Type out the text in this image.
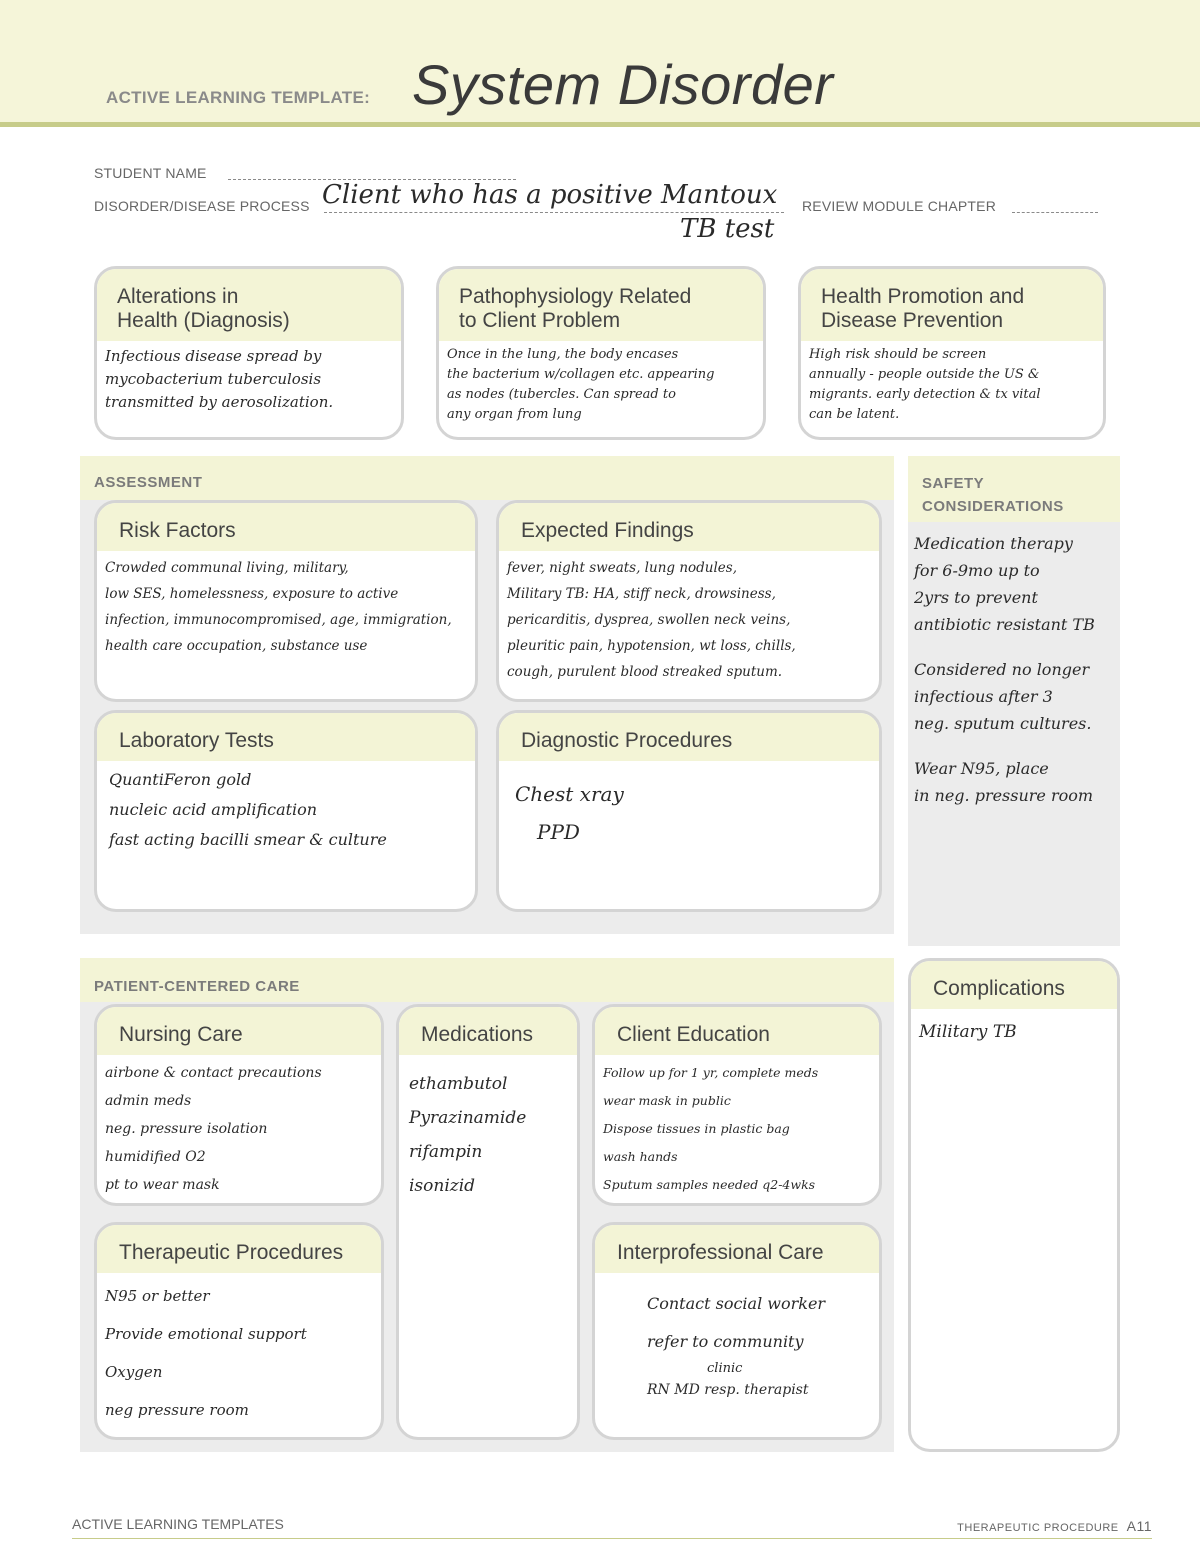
ACTIVE LEARNING TEMPLATE: System Disorder
STUDENT NAME
DISORDER/DISEASE PROCESS Client who has a positive Mantoux
TB test
REVIEW MODULE CHAPTER
Alterations in
Health (Diagnosis)
Infectious disease spread by
mycobacterium tuberculosis
transmitted by aerosolization.
Pathophysiology Related
to Client Problem
Once in the lung, the body encases
the bacterium w/collagen etc. appearing
as nodes (tubercles. Can spread to
any organ from lung
Health Promotion and
Disease Prevention
High risk should be screen
annually - people outside the US &
migrants. early detection & tx vital
can be latent.
ASSESSMENT
Risk Factors
Crowded communal living, military,
low SES, homelessness, exposure to active
infection, immunocompromised, age, immigration,
health care occupation, substance use
Expected Findings
fever, night sweats, lung nodules,
Military TB: HA, stiff neck, drowsiness,
pericarditis, dysprea, swollen neck veins,
pleuritic pain, hypotension, wt loss, chills,
cough, purulent blood streaked sputum.
Laboratory Tests
QuantiFeron gold
nucleic acid amplification
fast acting bacilli smear & culture
Diagnostic Procedures
Chest xray
PPD
SAFETY
CONSIDERATIONS
Medication therapy
for 6-9mo up to
2yrs to prevent
antibiotic resistant TB
Considered no longer
infectious after 3
neg. sputum cultures.
Wear N95, place
in neg. pressure room
PATIENT-CENTERED CARE
Nursing Care
airbone & contact precautions
admin meds
neg. pressure isolation
humidified O2
pt to wear mask
Medications
ethambutol
Pyrazinamide
rifampin
isonizid
Client Education
Follow up for 1 yr, complete meds
wear mask in public
Dispose tissues in plastic bag
wash hands
Sputum samples needed q2-4wks
Therapeutic Procedures
N95 or better
Provide emotional support
Oxygen
neg pressure room
Interprofessional Care
Contact social worker
refer to community
clinic
RN MD resp. therapist
Complications
Military TB
ACTIVE LEARNING TEMPLATES	THERAPEUTIC PROCEDURE A11
